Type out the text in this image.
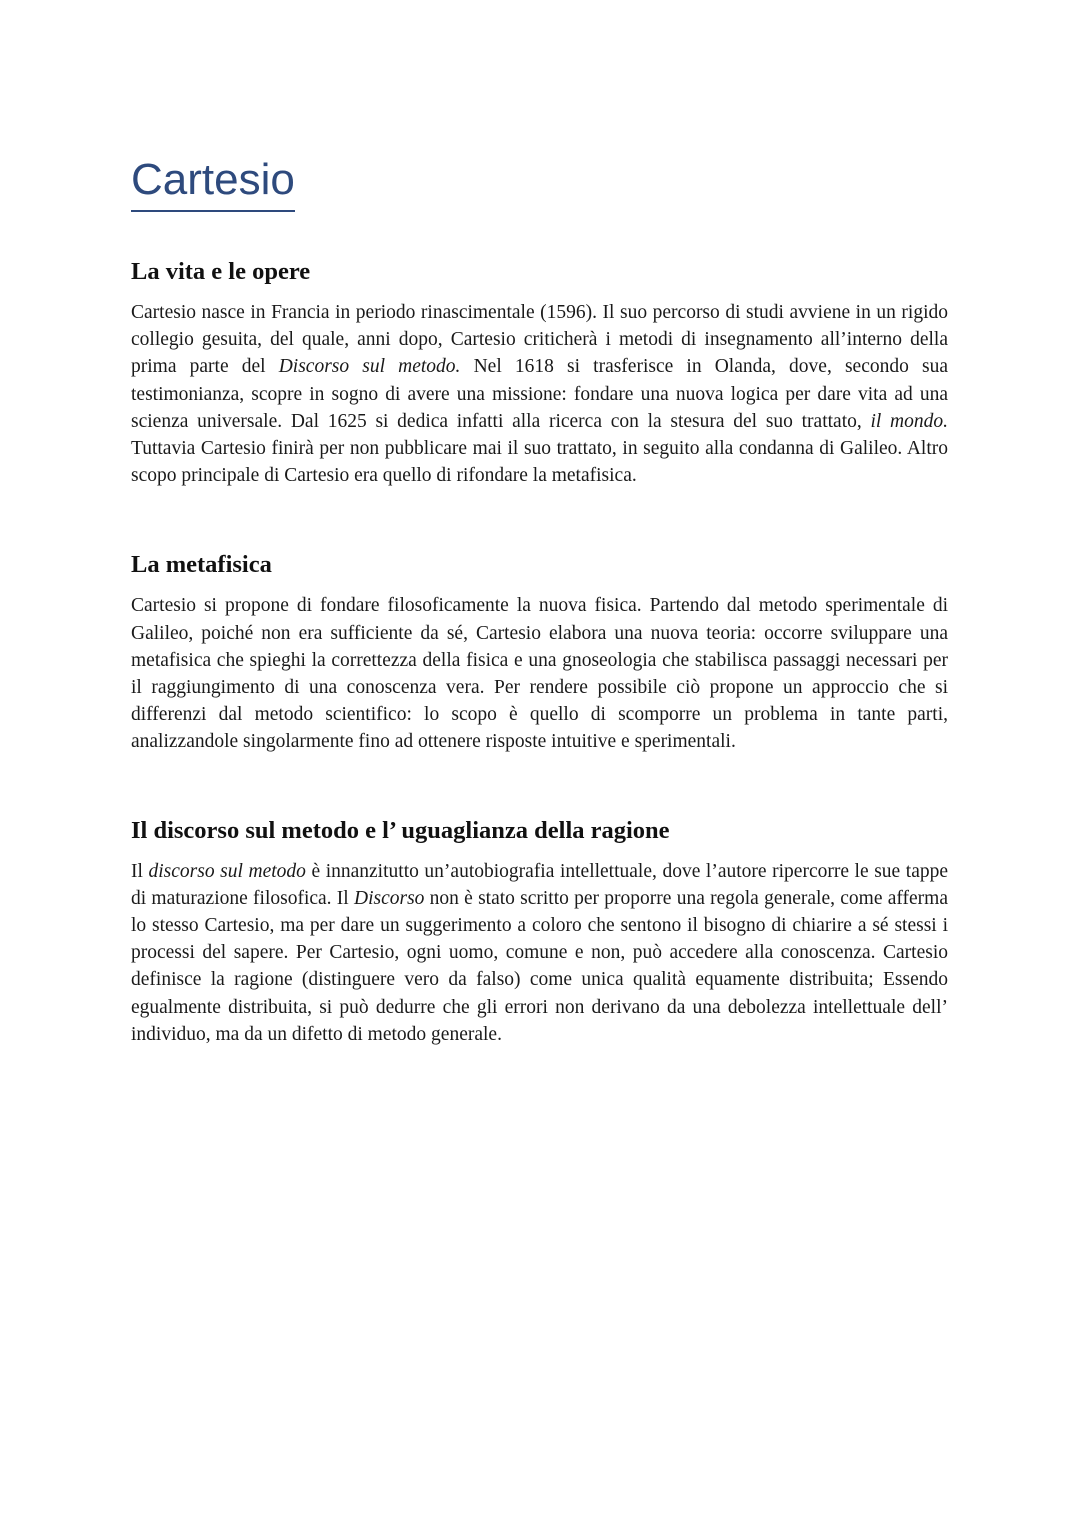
Cartesio
La vita e le opere

Cartesio nasce in Francia in periodo rinascimentale (1596). Il suo percorso di studi avviene in un rigido collegio gesuita, del quale, anni dopo, Cartesio criticherà i metodi di insegnamento all’interno della prima parte del Discorso sul metodo. Nel 1618 si trasferisce in Olanda, dove, secondo sua testimonianza, scopre in sogno di avere una missione: fondare una nuova logica per dare vita ad una scienza universale. Dal 1625 si dedica infatti alla ricerca con la stesura del suo trattato, il mondo. Tuttavia Cartesio finirà per non pubblicare mai il suo trattato, in seguito alla condanna di Galileo. Altro scopo principale di Cartesio era quello di rifondare la metafisica.

La metafisica

Cartesio si propone di fondare filosoficamente la nuova fisica. Partendo dal metodo sperimentale di Galileo, poiché non era sufficiente da sé, Cartesio elabora una nuova teoria: occorre sviluppare una metafisica che spieghi la correttezza della fisica e una gnoseologia che stabilisca passaggi necessari per il raggiungimento di una conoscenza vera. Per rendere possibile ciò propone un approccio che si differenzi dal metodo scientifico: lo scopo è quello di scomporre un problema in tante parti, analizzandole singolarmente fino ad ottenere risposte intuitive e sperimentali.

Il discorso sul metodo e l’ uguaglianza della ragione

Il discorso sul metodo è innanzitutto un’autobiografia intellettuale, dove l’autore ripercorre le sue tappe di maturazione filosofica. Il Discorso non è stato scritto per proporre una regola generale, come afferma lo stesso Cartesio, ma per dare un suggerimento a coloro che sentono il bisogno di chiarire a sé stessi i processi del sapere. Per Cartesio, ogni uomo, comune e non, può accedere alla conoscenza. Cartesio definisce la ragione (distinguere vero da falso) come unica qualità equamente distribuita; Essendo egualmente distribuita, si può dedurre che gli errori non derivano da una debolezza intellettuale dell’ individuo, ma da un difetto di metodo generale.
